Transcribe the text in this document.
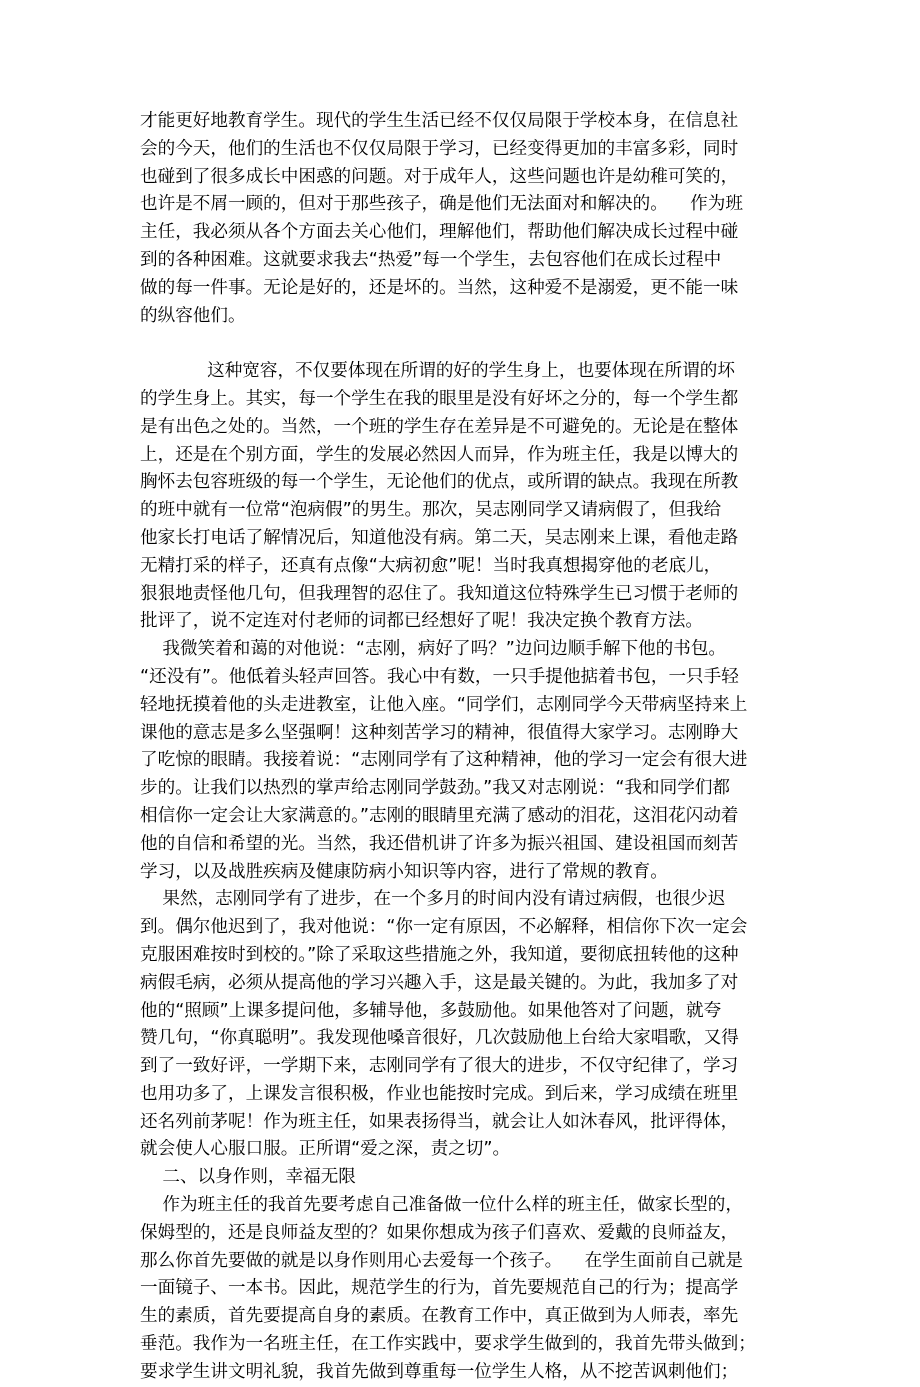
才能更好地教育学生。现代的学生生活已经不仅仅局限于学校本身，在信息社
会的今天，他们的生活也不仅仅局限于学习，已经变得更加的丰富多彩，同时
也碰到了很多成长中困惑的问题。对于成年人，这些问题也许是幼稚可笑的，
也许是不屑一顾的，但对于那些孩子，确是他们无法面对和解决的。    作为班
主任，我必须从各个方面去关心他们，理解他们，帮助他们解决成长过程中碰
到的各种困难。这就要求我去“热爱”每一个学生，去包容他们在成长过程中
做的每一件事。无论是好的，还是坏的。当然，这种爱不是溺爱，更不能一味
的纵容他们。
这种宽容，不仅要体现在所谓的好的学生身上，也要体现在所谓的坏
的学生身上。其实，每一个学生在我的眼里是没有好坏之分的，每一个学生都
是有出色之处的。当然，一个班的学生存在差异是不可避免的。无论是在整体
上，还是在个别方面，学生的发展必然因人而异，作为班主任，我是以博大的
胸怀去包容班级的每一个学生，无论他们的优点，或所谓的缺点。我现在所教
的班中就有一位常“泡病假”的男生。那次，吴志刚同学又请病假了，但我给
他家长打电话了解情况后，知道他没有病。第二天，吴志刚来上课，看他走路
无精打采的样子，还真有点像“大病初愈”呢！当时我真想揭穿他的老底儿，
狠狠地责怪他几句，但我理智的忍住了。我知道这位特殊学生已习惯于老师的
批评了，说不定连对付老师的词都已经想好了呢！我决定换个教育方法。
我微笑着和蔼的对他说：“志刚，病好了吗？”边问边顺手解下他的书包。
“还没有”。他低着头轻声回答。我心中有数，一只手提他掂着书包，一只手轻
轻地抚摸着他的头走进教室，让他入座。“同学们，志刚同学今天带病坚持来上
课他的意志是多么坚强啊！这种刻苦学习的精神，很值得大家学习。志刚睁大
了吃惊的眼睛。我接着说：“志刚同学有了这种精神，他的学习一定会有很大进
步的。让我们以热烈的掌声给志刚同学鼓劲。”我又对志刚说：“我和同学们都
相信你一定会让大家满意的。”志刚的眼睛里充满了感动的泪花，这泪花闪动着
他的自信和希望的光。当然，我还借机讲了许多为振兴祖国、建设祖国而刻苦
学习，以及战胜疾病及健康防病小知识等内容，进行了常规的教育。
果然，志刚同学有了进步，在一个多月的时间内没有请过病假，也很少迟
到。偶尔他迟到了，我对他说：“你一定有原因，不必解释，相信你下次一定会
克服困难按时到校的。”除了采取这些措施之外，我知道，要彻底扭转他的这种
病假毛病，必须从提高他的学习兴趣入手，这是最关键的。为此，我加多了对
他的“照顾”上课多提问他，多辅导他，多鼓励他。如果他答对了问题，就夸
赞几句，“你真聪明”。我发现他嗓音很好，几次鼓励他上台给大家唱歌，又得
到了一致好评，一学期下来，志刚同学有了很大的进步，不仅守纪律了，学习
也用功多了，上课发言很积极，作业也能按时完成。到后来，学习成绩在班里
还名列前茅呢！作为班主任，如果表扬得当，就会让人如沐春风，批评得体，
就会使人心服口服。正所谓“爱之深，责之切”。
二、以身作则，幸福无限
作为班主任的我首先要考虑自己准备做一位什么样的班主任，做家长型的，
保姆型的，还是良师益友型的？如果你想成为孩子们喜欢、爱戴的良师益友，
那么你首先要做的就是以身作则用心去爱每一个孩子。    在学生面前自己就是
一面镜子、一本书。因此，规范学生的行为，首先要规范自己的行为；提高学
生的素质，首先要提高自身的素质。在教育工作中，真正做到为人师表，率先
垂范。我作为一名班主任，在工作实践中，要求学生做到的，我首先带头做到；
要求学生讲文明礼貌，我首先做到尊重每一位学生人格，从不挖苦讽刺他们；
